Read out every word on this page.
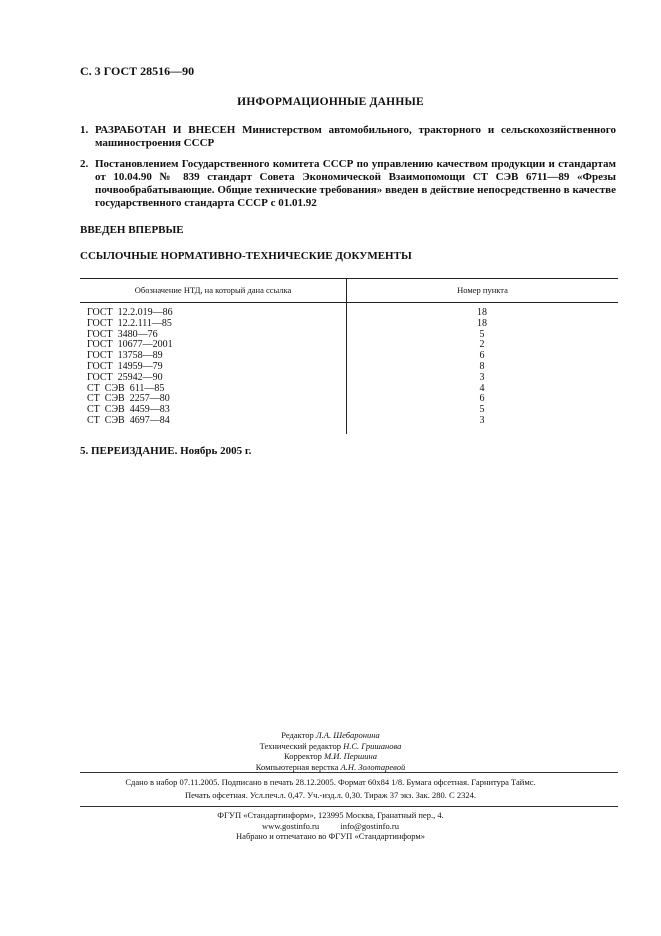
С. 3 ГОСТ 28516—90
ИНФОРМАЦИОННЫЕ ДАННЫЕ
1. РАЗРАБОТАН И ВНЕСЕН Министерством автомобильного, тракторного и сельскохозяйственного машиностроения СССР
2. Постановлением Государственного комитета СССР по управлению качеством продукции и стандартам от 10.04.90 № 839 стандарт Совета Экономической Взаимопомощи СТ СЭВ 6711—89 «Фрезы почвообрабатывающие. Общие технические требования» введен в действие непосредственно в качестве государственного стандарта СССР с 01.01.92
ВВЕДЕН ВПЕРВЫЕ
ССЫЛОЧНЫЕ НОРМАТИВНО-ТЕХНИЧЕСКИЕ ДОКУМЕНТЫ
Обозначение НТД, на который дана ссылка	Номер пункта
ГОСТ  12.2.019—86	18
ГОСТ  12.2.111—85	18
ГОСТ  3480—76	5
ГОСТ  10677—2001	2
ГОСТ  13758—89	6
ГОСТ  14959—79	8
ГОСТ  25942—90	3
СТ  СЭВ  611—85	4
СТ  СЭВ  2257—80	6
СТ  СЭВ  4459—83	5
СТ  СЭВ  4697—84	3
5. ПЕРЕИЗДАНИЕ. Ноябрь 2005 г.
Редактор Л.А. Шебаронина
Технический редактор Н.С. Гришанова
Корректор М.И. Першина
Компьютерная верстка А.Н. Золотаревой
Сдано в набор 07.11.2005. Подписано в печать 28.12.2005. Формат 60x84 1/8. Бумага офсетная. Гарнитура Таймс.
Печать офсетная. Усл.печ.л. 0,47. Уч.-изд.л. 0,30. Тираж 37 экз. Зак. 280. С 2324.
ФГУП «Стандартинформ», 123995 Москва, Гранатный пер., 4.
www.gostinfo.ru          info@gostinfo.ru
Набрано и отпечатано во ФГУП «Стандартинформ»
